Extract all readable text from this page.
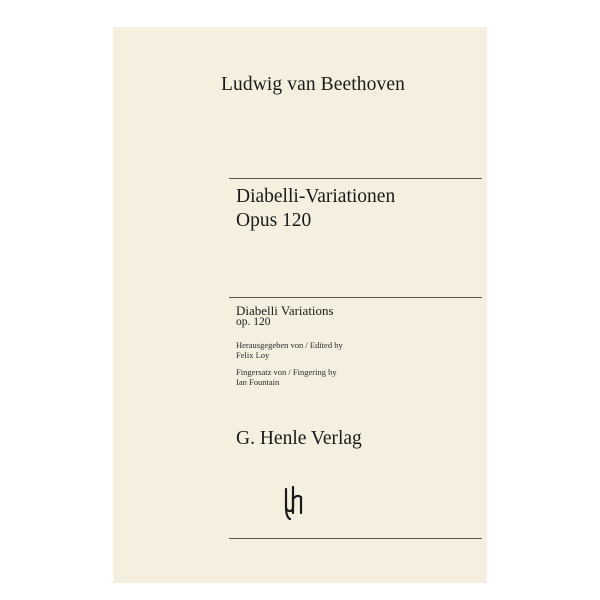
Ludwig van Beethoven
Diabelli-Variationen
Opus 120
Diabelli Variations
op. 120
Herausgegeben von / Edited by
Felix Loy
Fingersatz von / Fingering by
Ian Fountain
G. Henle Verlag
